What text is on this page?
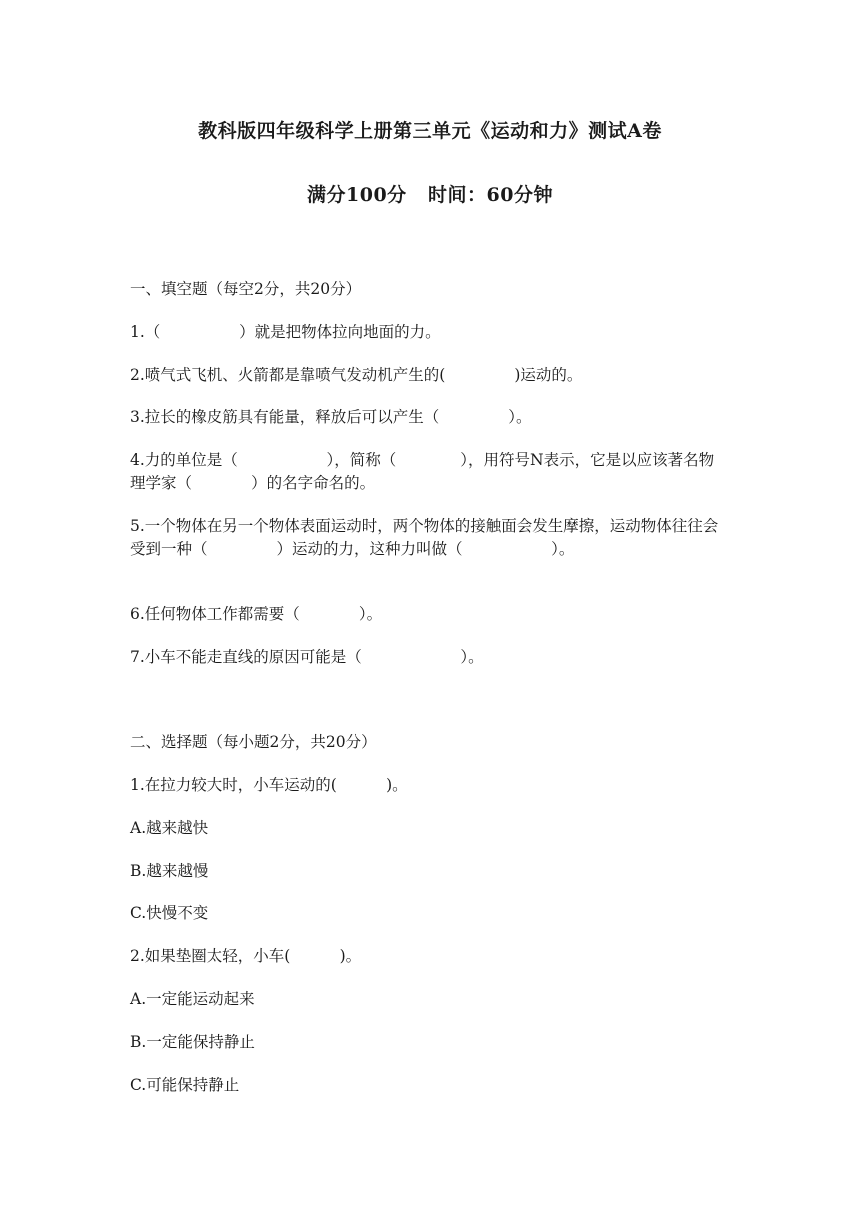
教科版四年级科学上册第三单元《运动和力》测试A卷
满分100分   时间：60分钟
一、填空题（每空2分，共20分）
1.（                ）就是把物体拉向地面的力。
2.喷气式飞机、火箭都是靠喷气发动机产生的(              )运动的。
3.拉长的橡皮筋具有能量，释放后可以产生（              ）。
4.力的单位是（                  ），简称（             ），用符号N表示，它是以应该著名物理学家（            ）的名字命名的。
5.一个物体在另一个物体表面运动时，两个物体的接触面会发生摩擦，运动物体往往会受到一种（              ）运动的力，这种力叫做（                  ）。
6.任何物体工作都需要（            ）。
7.小车不能走直线的原因可能是（                    ）。
二、选择题（每小题2分，共20分）
1.在拉力较大时，小车运动的(          )。
A.越来越快
B.越来越慢
C.快慢不变
2.如果垫圈太轻，小车(          )。
A.一定能运动起来
B.一定能保持静止
C.可能保持静止
